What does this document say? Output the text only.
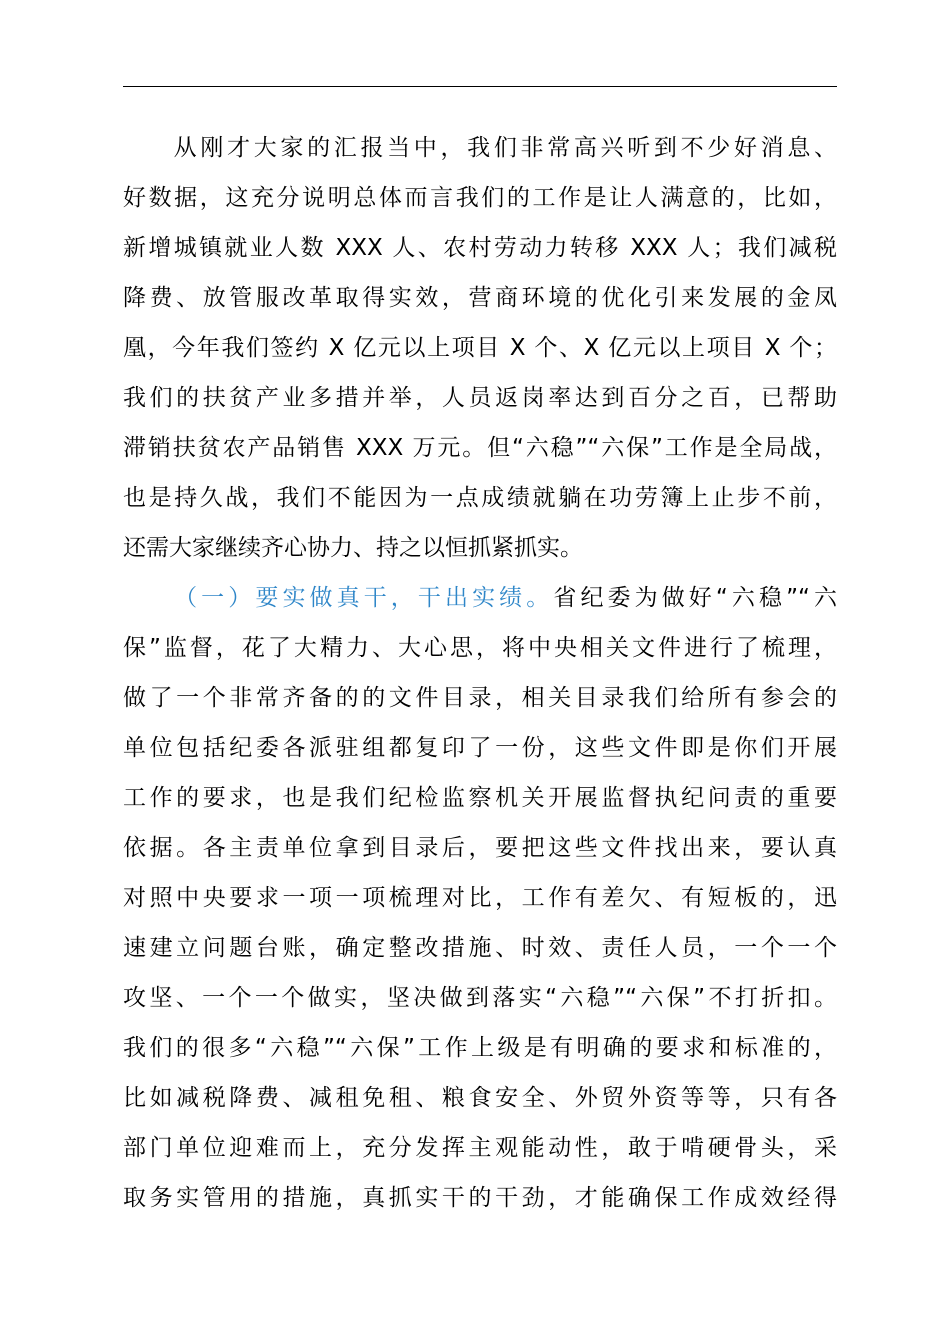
从刚才大家的汇报当中，我们非常高兴听到不少好消息、
好数据，这充分说明总体而言我们的工作是让人满意的，比如，
新增城镇就业人数 XXX 人、农村劳动力转移 XXX 人；我们减税
降费、放管服改革取得实效，营商环境的优化引来发展的金凤
凰，今年我们签约 X 亿元以上项目 X 个、X 亿元以上项目 X 个；
我们的扶贫产业多措并举，人员返岗率达到百分之百，已帮助
滞销扶贫农产品销售 XXX 万元。但“六稳”“六保”工作是全局战，
也是持久战，我们不能因为一点成绩就躺在功劳簿上止步不前，
还需大家继续齐心协力、持之以恒抓紧抓实。
（一）要实做真干，干出实绩。省纪委为做好“六稳”“六
保”监督，花了大精力、大心思，将中央相关文件进行了梳理，
做了一个非常齐备的的文件目录，相关目录我们给所有参会的
单位包括纪委各派驻组都复印了一份，这些文件即是你们开展
工作的要求，也是我们纪检监察机关开展监督执纪问责的重要
依据。各主责单位拿到目录后，要把这些文件找出来，要认真
对照中央要求一项一项梳理对比，工作有差欠、有短板的，迅
速建立问题台账，确定整改措施、时效、责任人员，一个一个
攻坚、一个一个做实，坚决做到落实“六稳”“六保”不打折扣。
我们的很多“六稳”“六保”工作上级是有明确的要求和标准的，
比如减税降费、减租免租、粮食安全、外贸外资等等，只有各
部门单位迎难而上，充分发挥主观能动性，敢于啃硬骨头，采
取务实管用的措施，真抓实干的干劲，才能确保工作成效经得
